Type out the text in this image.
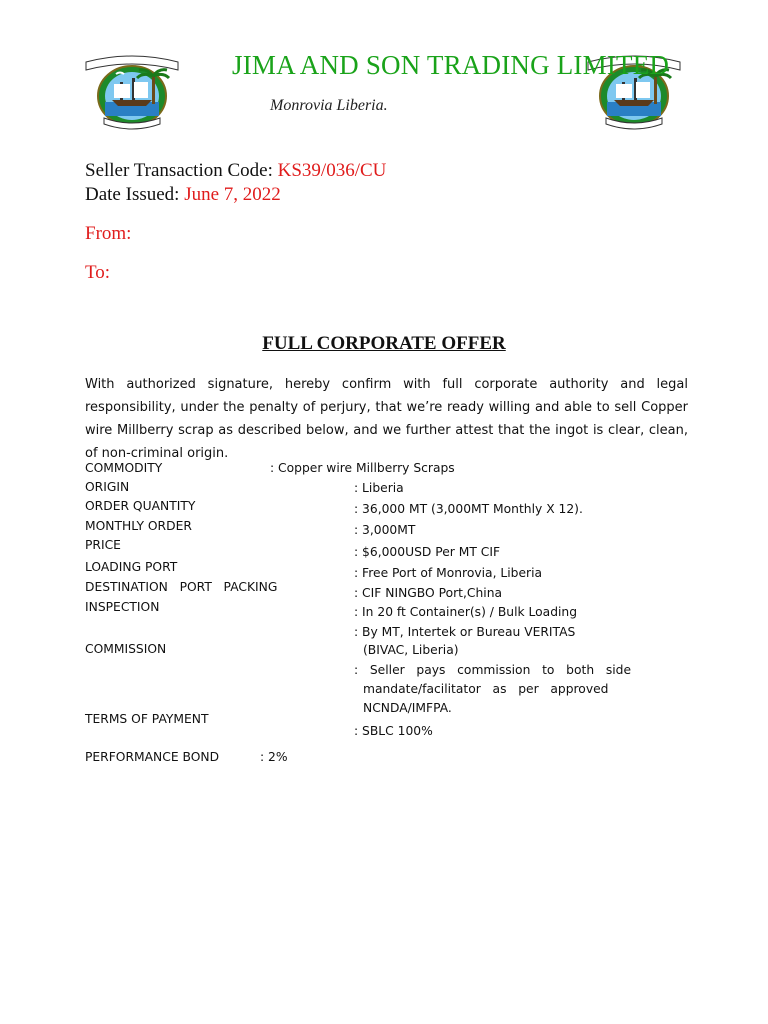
JIMA AND SON TRADING LIMITED
Monrovia Liberia.
Seller Transaction Code: KS39/036/CU
Date Issued: June 7, 2022
From:
To:
FULL CORPORATE OFFER
With authorized signature, hereby confirm with full corporate authority and legal responsibility, under the penalty of perjury, that we’re ready willing and able to sell Copper wire Millberry scrap as described below, and we further attest that the ingot is clear, clean, of non-criminal origin.
COMMODITY
ORIGIN
ORDER QUANTITY
MONTHLY ORDER
PRICE
LOADING PORT
DESTINATION   PORT   PACKING
INSPECTION
COMMISSION
TERMS OF PAYMENT
PERFORMANCE BOND
: Copper wire Millberry Scraps
: Liberia
: 36,000 MT (3,000MT Monthly X 12).
: 3,000MT
: $6,000USD Per MT CIF
: Free Port of Monrovia, Liberia
: CIF NINGBO Port,China
: In 20 ft Container(s) / Bulk Loading
: By MT, Intertek or Bureau VERITAS
(BIVAC, Liberia)
:   Seller   pays   commission   to   both   side
mandate/facilitator   as   per   approved
NCNDA/IMFPA.
: SBLC 100%
: 2%
